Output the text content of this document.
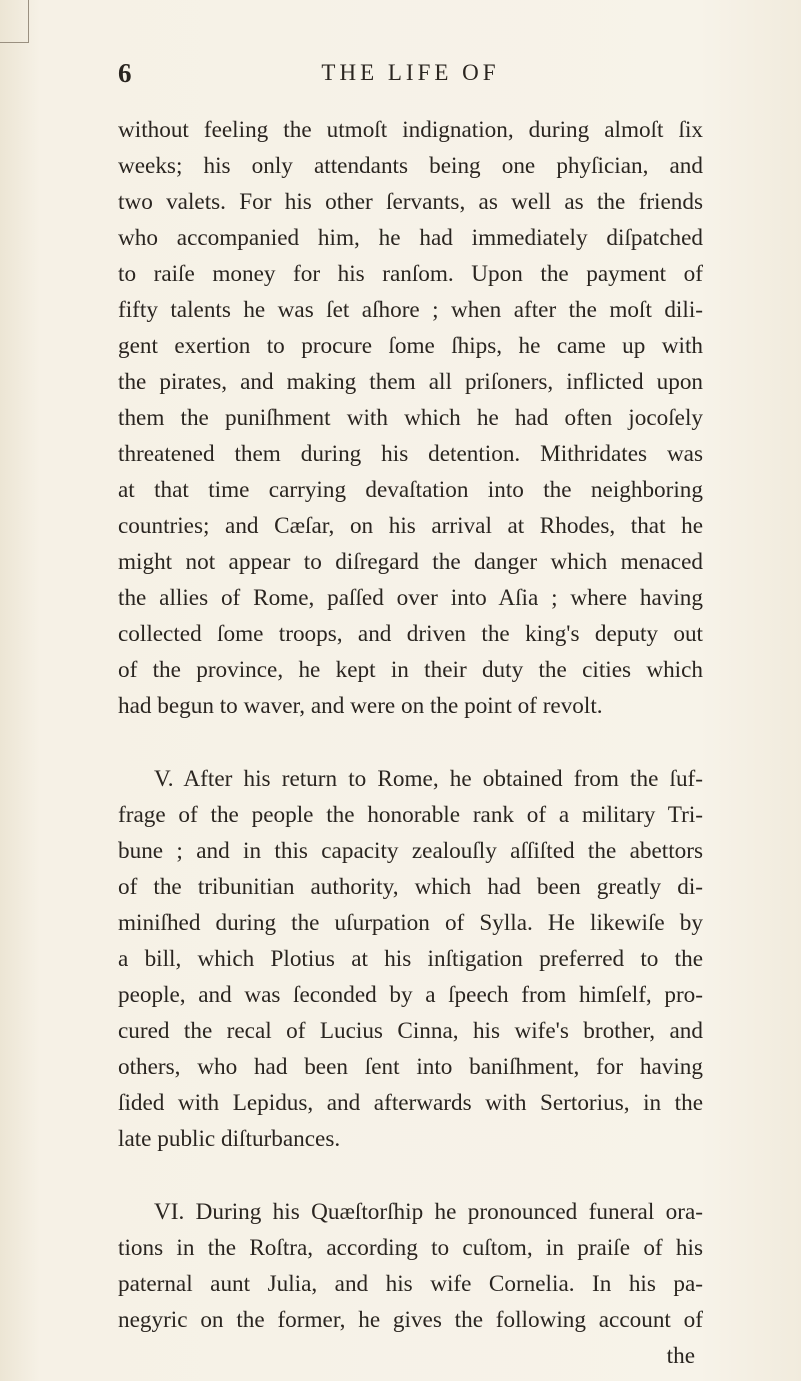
6	THE LIFE OF
without feeling the utmoſt indignation, during almoſt ſix
weeks; his only attendants being one phyſician, and
two valets. For his other ſervants, as well as the friends
who accompanied him, he had immediately diſpatched
to raiſe money for his ranſom. Upon the payment of
fifty talents he was ſet aſhore ; when after the moſt dili-
gent exertion to procure ſome ſhips, he came up with
the pirates, and making them all priſoners, inflicted upon
them the puniſhment with which he had often jocoſely
threatened them during his detention. Mithridates was
at that time carrying devaſtation into the neighboring
countries; and Cæſar, on his arrival at Rhodes, that he
might not appear to diſregard the danger which menaced
the allies of Rome, paſſed over into Aſia ; where having
collected ſome troops, and driven the king's deputy out
of the province, he kept in their duty the cities which
had begun to waver, and were on the point of revolt.
V. After his return to Rome, he obtained from the ſuf-
frage of the people the honorable rank of a military Tri-
bune ; and in this capacity zealouſly aſſiſted the abettors
of the tribunitian authority, which had been greatly di-
miniſhed during the uſurpation of Sylla. He likewiſe by
a bill, which Plotius at his inſtigation preferred to the
people, and was ſeconded by a ſpeech from himſelf, pro-
cured the recal of Lucius Cinna, his wife's brother, and
others, who had been ſent into baniſhment, for having
ſided with Lepidus, and afterwards with Sertorius, in the
late public diſturbances.
VI. During his Quæſtorſhip he pronounced funeral ora-
tions in the Roſtra, according to cuſtom, in praiſe of his
paternal aunt Julia, and his wife Cornelia. In his pa-
negyric on the former, he gives the following account of
the
